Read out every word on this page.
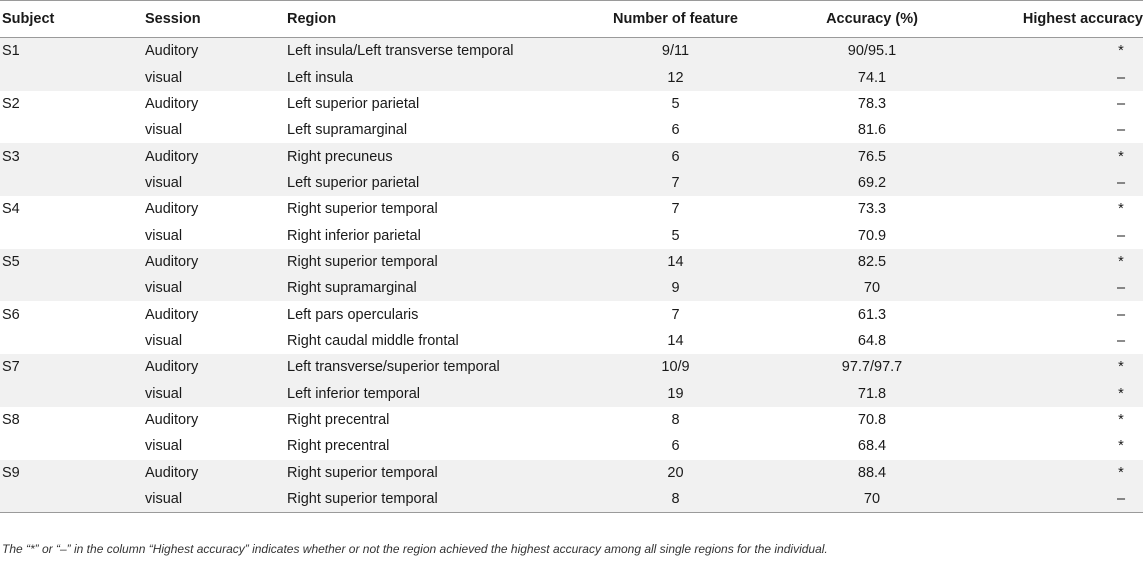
Subject	Session	Region	Number of feature	Accuracy (%)	Highest accuracy
S1	Auditory	Left insula/Left transverse temporal	9/11	90/95.1	*
	visual	Left insula	12	74.1	–
S2	Auditory	Left superior parietal	5	78.3	–
	visual	Left supramarginal	6	81.6	–
S3	Auditory	Right precuneus	6	76.5	*
	visual	Left superior parietal	7	69.2	–
S4	Auditory	Right superior temporal	7	73.3	*
	visual	Right inferior parietal	5	70.9	–
S5	Auditory	Right superior temporal	14	82.5	*
	visual	Right supramarginal	9	70	–
S6	Auditory	Left pars opercularis	7	61.3	–
	visual	Right caudal middle frontal	14	64.8	–
S7	Auditory	Left transverse/superior temporal	10/9	97.7/97.7	*
	visual	Left inferior temporal	19	71.8	*
S8	Auditory	Right precentral	8	70.8	*
	visual	Right precentral	6	68.4	*
S9	Auditory	Right superior temporal	20	88.4	*
	visual	Right superior temporal	8	70	–
The “*” or “–” in the column “Highest accuracy” indicates whether or not the region achieved the highest accuracy among all single regions for the individual.
